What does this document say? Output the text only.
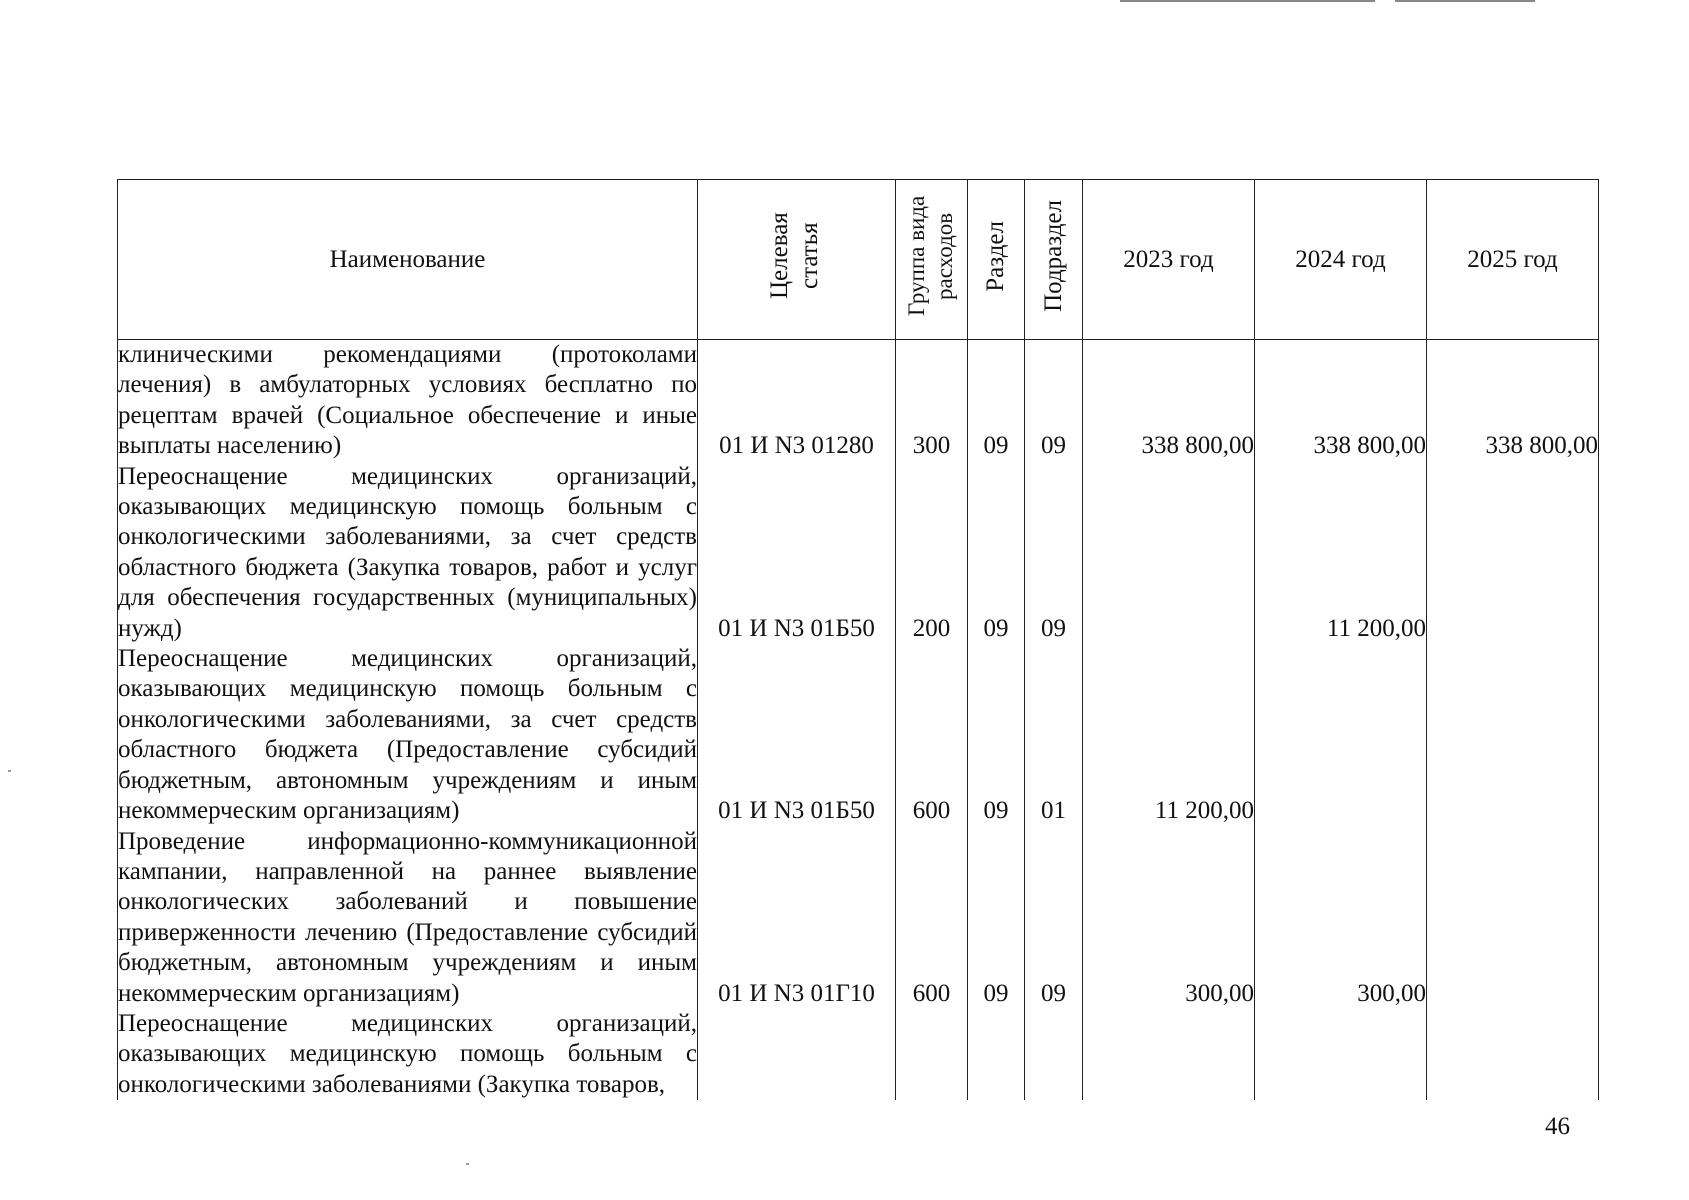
Наименование	Целевая статья	Группа вида расходов	Раздел	Подраздел	2023 год	2024 год	2025 год
клиническими рекомендациями (протоколами лечения) в амбулаторных условиях бесплатно по рецептам врачей (Социальное обеспечение и иные выплаты населению)	01 И N3 01280	300	09	09	338 800,00	338 800,00	338 800,00
Переоснащение медицинских организаций, оказывающих медицинскую помощь больным с онкологическими заболеваниями, за счет средств областного бюджета (Закупка товаров, работ и услуг для обеспечения государственных (муниципальных) нужд)	01 И N3 01Б50	200	09	09		11 200,00	
Переоснащение медицинских организаций, оказывающих медицинскую помощь больным с онкологическими заболеваниями, за счет средств областного бюджета (Предоставление субсидий бюджетным, автономным учреждениям и иным некоммерческим организациям)	01 И N3 01Б50	600	09	01	11 200,00		
Проведение информационно-коммуникационной кампании, направленной на раннее выявление онкологических заболеваний и повышение приверженности лечению (Предоставление субсидий бюджетным, автономным учреждениям и иным некоммерческим организациям)	01 И N3 01Г10	600	09	09	300,00	300,00	
Переоснащение медицинских организаций, оказывающих медицинскую помощь больным с онкологическими заболеваниями (Закупка товаров,							
46
